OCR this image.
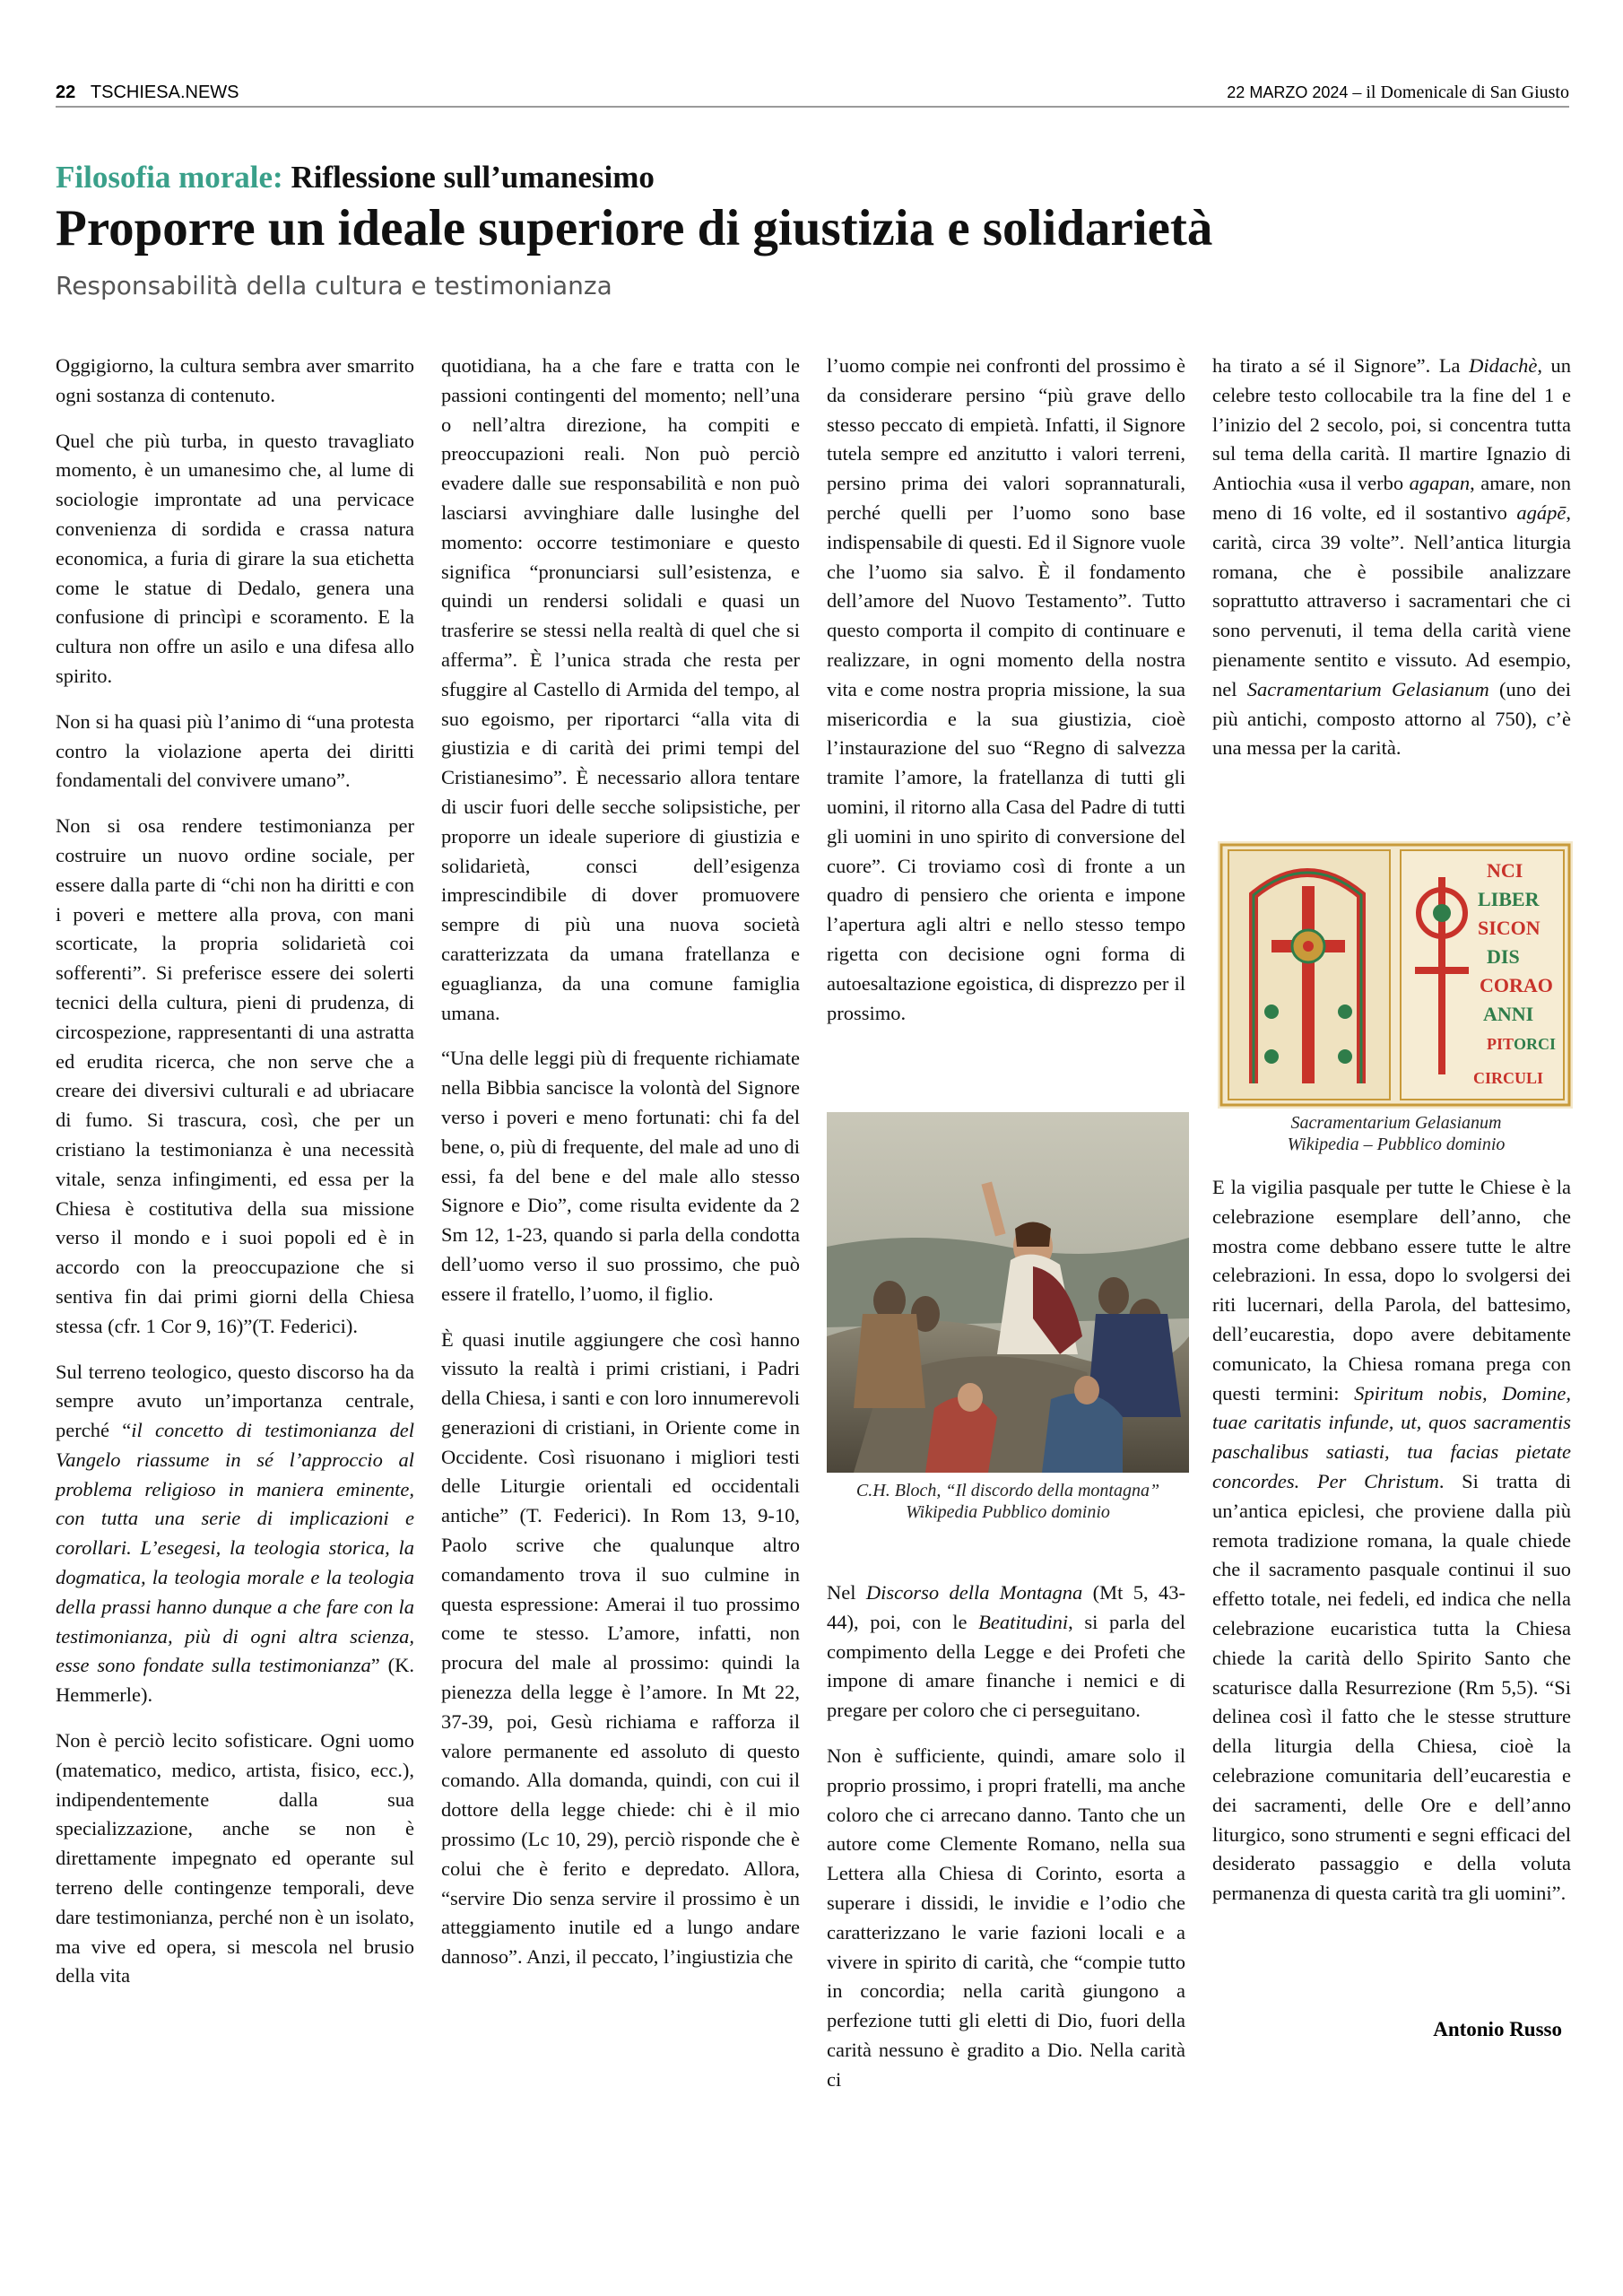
22 TSCHIESA.NEWS	22 MARZO 2024 – il Domenicale di San Giusto
Filosofia morale: Riflessione sull’umanesimo
Proporre un ideale superiore di giustizia e solidarietà
Responsabilità della cultura e testimonianza

Oggigiorno, la cultura sembra aver smarrito ogni sostanza di contenuto.

Quel che più turba, in questo travagliato momento, è un umanesimo che, al lume di sociologie improntate ad una pervicace convenienza di sordida e crassa natura economica, a furia di girare la sua etichetta come le statue di Dedalo, genera una confusione di princìpi e scoramento. E la cultura non offre un asilo e una difesa allo spirito.

Non si ha quasi più l’animo di “una protesta contro la violazione aperta dei diritti fondamentali del convivere umano”.

Non si osa rendere testimonianza per costruire un nuovo ordine sociale, per essere dalla parte di “chi non ha diritti e con i poveri e mettere alla prova, con mani scorticate, la propria solidarietà coi sofferenti”. Si preferisce essere dei solerti tecnici della cultura, pieni di prudenza, di circospezione, rappresentanti di una astratta ed erudita ricerca, che non serve che a creare dei diversivi culturali e ad ubriacare di fumo. Si trascura, così, che per un cristiano la testimonianza è una necessità vitale, senza infingimenti, ed essa per la Chiesa è costitutiva della sua missione verso il mondo e i suoi popoli ed è in accordo con la preoccupazione che si sentiva fin dai primi giorni della Chiesa stessa (cfr. 1 Cor 9, 16)”(T. Federici).

Sul terreno teologico, questo discorso ha da sempre avuto un’importanza centrale, perché “il concetto di testimonianza del Vangelo riassume in sé l’approccio al problema religioso in maniera eminente, con tutta una serie di implicazioni e corollari. L’esegesi, la teologia storica, la dogmatica, la teologia morale e la teologia della prassi hanno dunque a che fare con la testimonianza, più di ogni altra scienza, esse sono fondate sulla testimonianza” (K. Hemmerle).

Non è perciò lecito sofisticare. Ogni uomo (matematico, medico, artista, fisico, ecc.), indipendentemente dalla sua specializzazione, anche se non è direttamente impegnato ed operante sul terreno delle contingenze temporali, deve dare testimonianza, perché non è un isolato, ma vive ed opera, si mescola nel brusio della vita

quotidiana, ha a che fare e tratta con le passioni contingenti del momento; nell’una o nell’altra direzione, ha compiti e preoccupazioni reali. Non può perciò evadere dalle sue responsabilità e non può lasciarsi avvinghiare dalle lusinghe del momento: occorre testimoniare e questo significa “pronunciarsi sull’esistenza, e quindi un rendersi solidali e quasi un trasferire se stessi nella realtà di quel che si afferma”. È l’unica strada che resta per sfuggire al Castello di Armida del tempo, al suo egoismo, per riportarci “alla vita di giustizia e di carità dei primi tempi del Cristianesimo”. È necessario allora tentare di uscir fuori delle secche solipsistiche, per proporre un ideale superiore di giustizia e solidarietà, consci dell’esigenza imprescindibile di dover promuovere sempre di più una nuova società caratterizzata da umana fratellanza e eguaglianza, da una comune famiglia umana.

“Una delle leggi più di frequente richiamate nella Bibbia sancisce la volontà del Signore verso i poveri e meno fortunati: chi fa del bene, o, più di frequente, del male ad uno di essi, fa del bene e del male allo stesso Signore e Dio”, come risulta evidente da 2 Sm 12, 1-23, quando si parla della condotta dell’uomo verso il suo prossimo, che può essere il fratello, l’uomo, il figlio.

È quasi inutile aggiungere che così hanno vissuto la realtà i primi cristiani, i Padri della Chiesa, i santi e con loro innumerevoli generazioni di cristiani, in Oriente come in Occidente. Così risuonano i migliori testi delle Liturgie orientali ed occidentali antiche” (T. Federici). In Rom 13, 9-10, Paolo scrive che qualunque altro comandamento trova il suo culmine in questa espressione: Amerai il tuo prossimo come te stesso. L’amore, infatti, non procura del male al prossimo: quindi la pienezza della legge è l’amore. In Mt 22, 37-39, poi, Gesù richiama e rafforza il valore permanente ed assoluto di questo comando. Alla domanda, quindi, con cui il dottore della legge chiede: chi è il mio prossimo (Lc 10, 29), perciò risponde che è colui che è ferito e depredato. Allora, “servire Dio senza servire il prossimo è un atteggiamento inutile ed a lungo andare dannoso”. Anzi, il peccato, l’ingiustizia che

l’uomo compie nei confronti del prossimo è da considerare persino “più grave dello stesso peccato di empietà. Infatti, il Signore tutela sempre ed anzitutto i valori terreni, persino prima dei valori soprannaturali, perché quelli per l’uomo sono base indispensabile di questi. Ed il Signore vuole che l’uomo sia salvo. È il fondamento dell’amore del Nuovo Testamento”. Tutto questo comporta il compito di continuare e realizzare, in ogni momento della nostra vita e come nostra propria missione, la sua misericordia e la sua giustizia, cioè l’instaurazione del suo “Regno di salvezza tramite l’amore, la fratellanza di tutti gli uomini, il ritorno alla Casa del Padre di tutti gli uomini in uno spirito di conversione del cuore”. Ci troviamo così di fronte a un quadro di pensiero che orienta e impone l’apertura agli altri e nello stesso tempo rigetta con decisione ogni forma di autoesaltazione egoistica, di disprezzo per il prossimo.

C.H. Bloch, “Il discordo della montagna”
Wikipedia Pubblico dominio

Nel Discorso della Montagna (Mt 5, 43- 44), poi, con le Beatitudini, si parla del compimento della Legge e dei Profeti che impone di amare finanche i nemici e di pregare per coloro che ci perseguitano.

Non è sufficiente, quindi, amare solo il proprio prossimo, i propri fratelli, ma anche coloro che ci arrecano danno. Tanto che un autore come Clemente Romano, nella sua Lettera alla Chiesa di Corinto, esorta a superare i dissidi, le invidie e l’odio che caratterizzano le varie fazioni locali e a vivere in spirito di carità, che “compie tutto in concordia; nella carità giungono a perfezione tutti gli eletti di Dio, fuori della carità nessuno è gradito a Dio. Nella carità ci

ha tirato a sé il Signore”. La Didachè, un celebre testo collocabile tra la fine del 1 e l’inizio del 2 secolo, poi, si concentra tutta sul tema della carità. Il martire Ignazio di Antiochia «usa il verbo agapan, amare, non meno di 16 volte, ed il sostantivo agápē, carità, circa 39 volte”. Nell’antica liturgia romana, che è possibile analizzare soprattutto attraverso i sacramentari che ci sono pervenuti, il tema della carità viene pienamente sentito e vissuto. Ad esempio, nel Sacramentarium Gelasianum (uno dei più antichi, composto attorno al 750), c’è una messa per la carità.

NCI
LIBER
SICON
DIS
CORAO
ANNI
PIT ORCI
CIRCULI
Sacramentarium Gelasianum
Wikipedia – Pubblico dominio

E la vigilia pasquale per tutte le Chiese è la celebrazione esemplare dell’anno, che mostra come debbano essere tutte le altre celebrazioni. In essa, dopo lo svolgersi dei riti lucernari, della Parola, del battesimo, dell’eucarestia, dopo avere debitamente comunicato, la Chiesa romana prega con questi termini: Spiritum nobis, Domine, tuae caritatis infunde, ut, quos sacramentis paschalibus satiasti, tua facias pietate concordes. Per Christum. Si tratta di un’antica epiclesi, che proviene dalla più remota tradizione romana, la quale chiede che il sacramento pasquale continui il suo effetto totale, nei fedeli, ed indica che nella celebrazione eucaristica tutta la Chiesa chiede la carità dello Spirito Santo che scaturisce dalla Resurrezione (Rm 5,5). “Si delinea così il fatto che le stesse strutture della liturgia della Chiesa, cioè la celebrazione comunitaria dell’eucarestia e dei sacramenti, delle Ore e dell’anno liturgico, sono strumenti e segni efficaci del desiderato passaggio e della voluta permanenza di questa carità tra gli uomini”.

Antonio Russo
